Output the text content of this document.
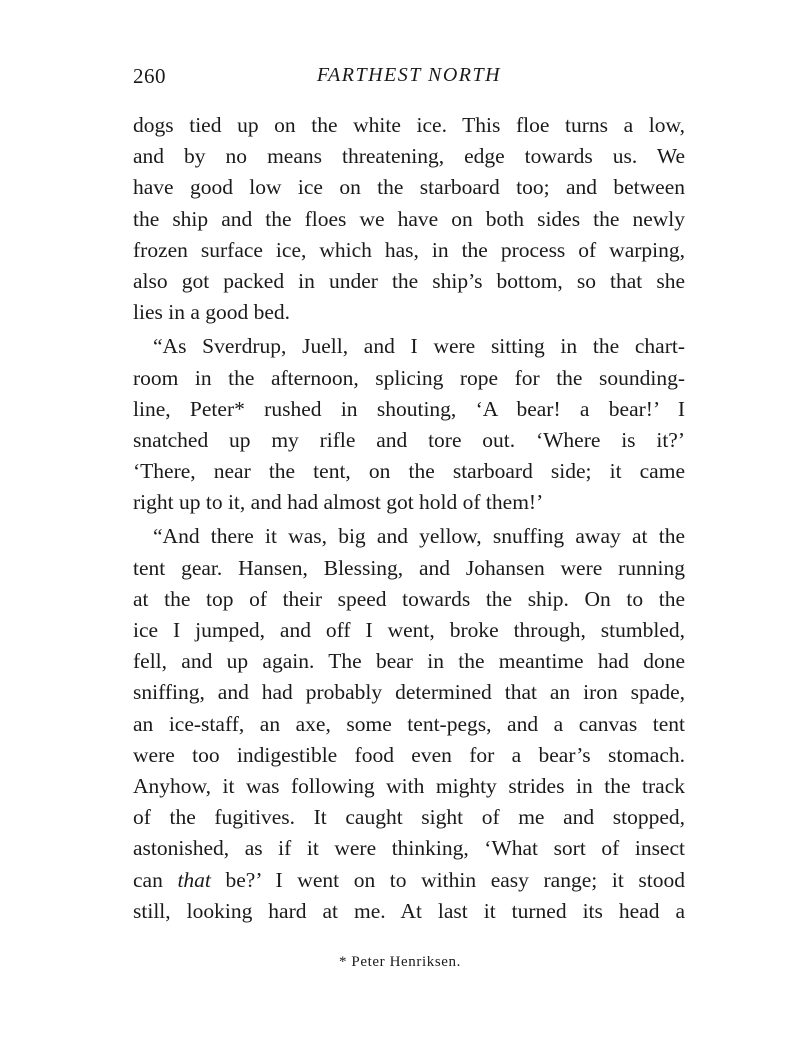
260	FARTHEST NORTH
dogs tied up on the white ice. This floe turns a low,
and by no means threatening, edge towards us. We
have good low ice on the starboard too; and between
the ship and the floes we have on both sides the newly
frozen surface ice, which has, in the process of warping,
also got packed in under the ship’s bottom, so that she
lies in a good bed.
“As Sverdrup, Juell, and I were sitting in the chart-
room in the afternoon, splicing rope for the sounding-
line, Peter* rushed in shouting, ‘A bear! a bear!’ I
snatched up my rifle and tore out. ‘Where is it?’
‘There, near the tent, on the starboard side; it came
right up to it, and had almost got hold of them!’
“And there it was, big and yellow, snuffing away at the
tent gear. Hansen, Blessing, and Johansen were running
at the top of their speed towards the ship. On to the
ice I jumped, and off I went, broke through, stumbled,
fell, and up again. The bear in the meantime had done
sniffing, and had probably determined that an iron spade,
an ice-staff, an axe, some tent-pegs, and a canvas tent
were too indigestible food even for a bear’s stomach.
Anyhow, it was following with mighty strides in the track
of the fugitives. It caught sight of me and stopped,
astonished, as if it were thinking, ‘What sort of insect
can that be?’ I went on to within easy range; it stood
still, looking hard at me. At last it turned its head a
* Peter Henriksen.
